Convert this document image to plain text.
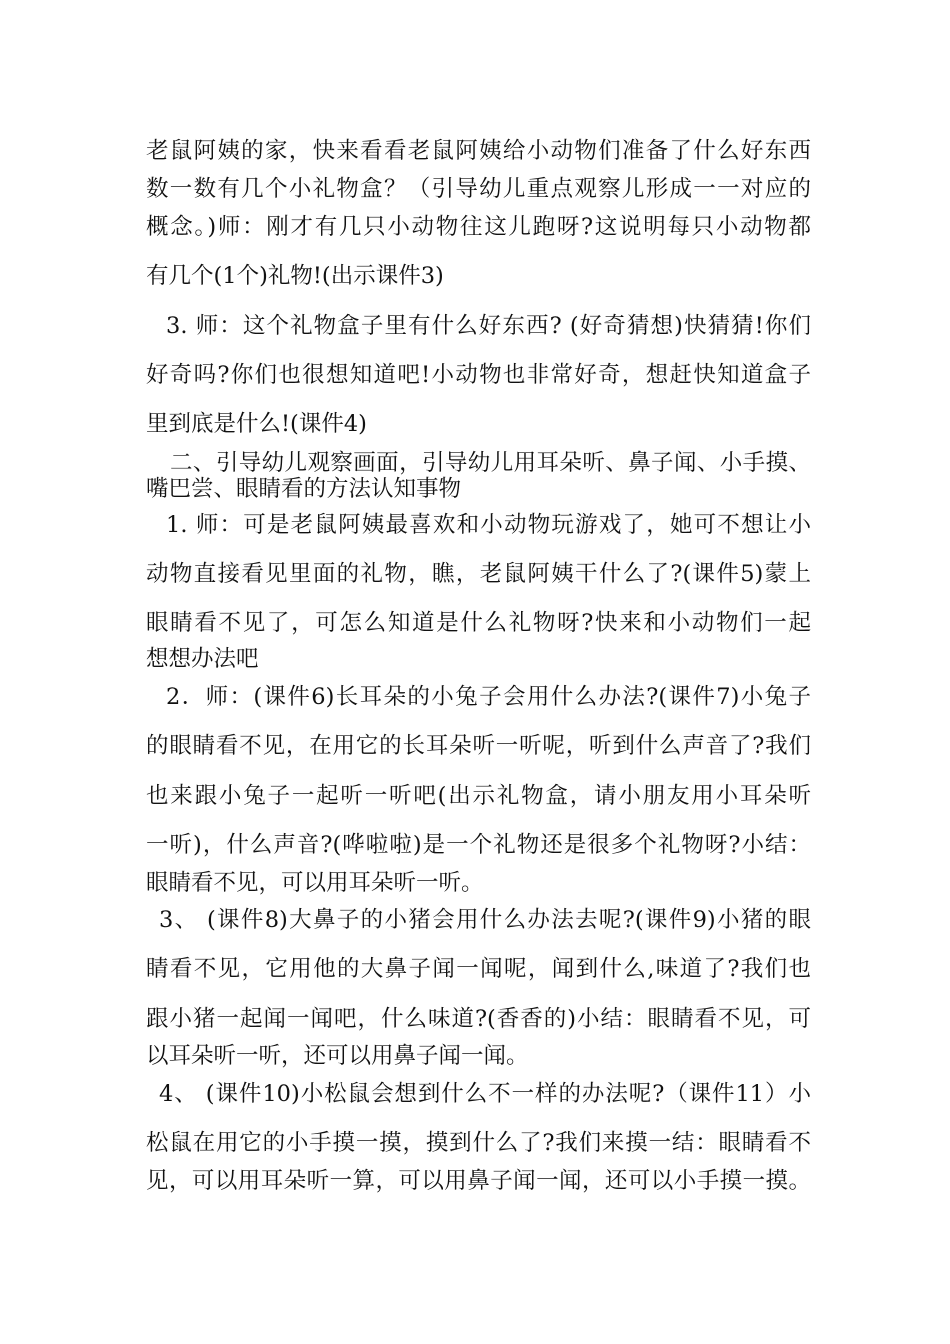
老鼠阿姨的家，快来看看老鼠阿姨给小动物们准备了什么好东西
数一数有几个小礼物盒？（引导幼儿重点观察儿形成一一对应的
概念。)师：刚才有几只小动物往这儿跑呀?这说明每只小动物都
有几个(1个)礼物!(出示课件3)
3. 师：这个礼物盒子里有什么好东西? (好奇猜想)快猜猜!你们
好奇吗?你们也很想知道吧!小动物也非常好奇，想赶快知道盒子
里到底是什么!(课件4)
二、引导幼儿观察画面，引导幼儿用耳朵听、鼻子闻、小手摸、
嘴巴尝、眼睛看的方法认知事物
1. 师：可是老鼠阿姨最喜欢和小动物玩游戏了，她可不想让小
动物直接看见里面的礼物，瞧，老鼠阿姨干什么了?(课件5)蒙上
眼睛看不见了，可怎么知道是什么礼物呀?快来和小动物们一起
想想办法吧
2．师：(课件6)长耳朵的小兔子会用什么办法?(课件7)小兔子
的眼睛看不见，在用它的长耳朵听一听呢，听到什么声音了?我们
也来跟小兔子一起听一听吧(出示礼物盒，请小朋友用小耳朵听
一听)，什么声音?(哗啦啦)是一个礼物还是很多个礼物呀?小结：
眼睛看不见，可以用耳朵听一听。
3、 (课件8)大鼻子的小猪会用什么办法去呢?(课件9)小猪的眼
睛看不见，它用他的大鼻子闻一闻呢，闻到什么,味道了?我们也
跟小猪一起闻一闻吧，什么味道?(香香的)小结：眼睛看不见，可
以耳朵听一听，还可以用鼻子闻一闻。
4、 (课件10)小松鼠会想到什么不一样的办法呢?（课件11）小
松鼠在用它的小手摸一摸，摸到什么了?我们来摸一结：眼睛看不
见，可以用耳朵听一算，可以用鼻子闻一闻，还可以小手摸一摸。
